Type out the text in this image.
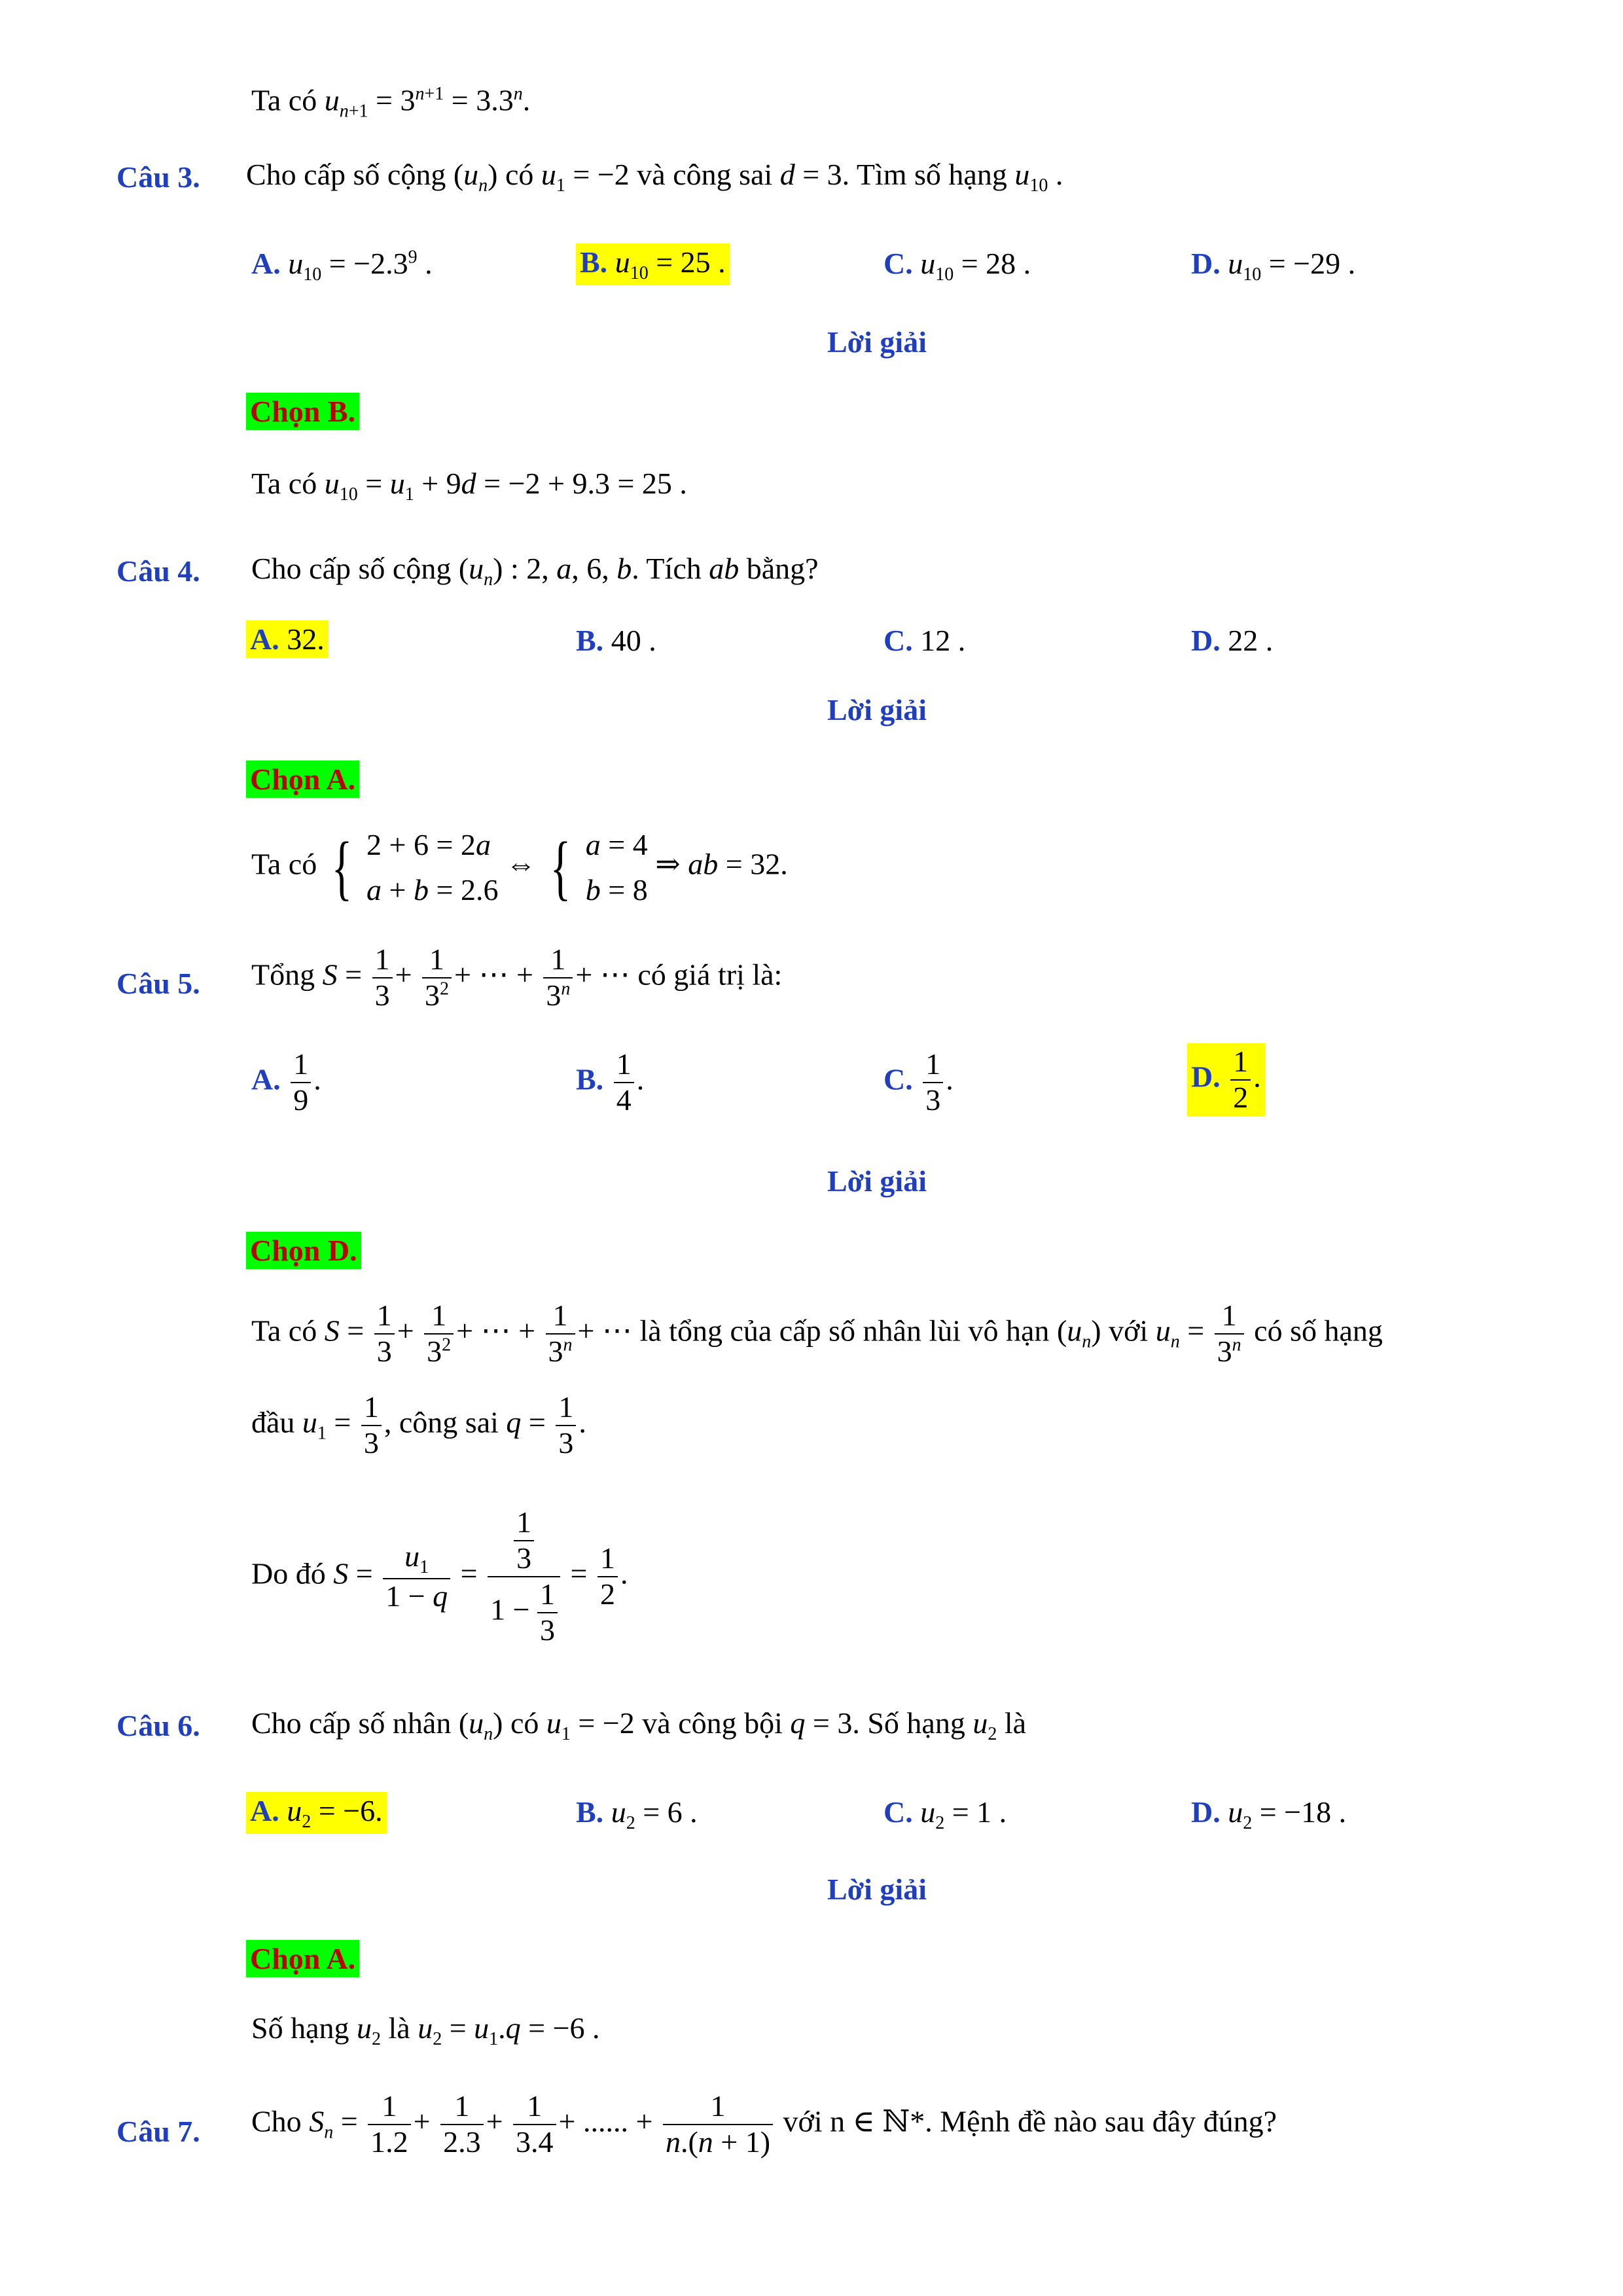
Ta có $u_{n+1} = 3^{n+1} = 3.3^n$.
Câu 3. Cho cấp số cộng $(u_n)$ có $u_1 = -2$ và công sai d = 3. Tìm số hạng $u_{10}$ .
A. $u_{10} = -2.3^9$ .	B. $u_{10} = 25$ .	C. $u_{10} = 28$ .	D. $u_{10} = -29$ .
Lời giải
Chọn B.
Ta có $u_{10} = u_1 + 9d = -2 + 9.3 = 25$ .
Câu 4. Cho cấp số cộng $(u_n)$ : 2, a, 6, b. Tích ab bằng?
A. 32.	B. 40 .	C. 12 .	D. 22 .
Lời giải
Chọn A.
Ta có { 2 + 6 = 2a
a + b = 2.6
⇔ { a = 4
b = 8
⇒ ab = 32.
Câu 5. Tổng $S = \frac{1}{3} + \frac{1}{3^2}$ + ⋯ + $\frac{1}{3^n}$ + ⋯ có giá trị là:
A. $\frac{1}{9}$ .	B. $\frac{1}{4}$ .	C. $\frac{1}{3}$ .	D. $\frac{1}{2}$ .
Lời giải
Chọn D.
Ta có $S = \frac{1}{3} + \frac{1}{3^2}$ + ⋯ + $\frac{1}{3^n}$ + ⋯ là tổng của cấp số nhân lùi vô hạn $(u_n)$ với $u_n = \frac{1}{3^n}$ có số hạng
đầu $u_1 = \frac{1}{3}$ , công sai $q = \frac{1}{3}$ .
Do đó $S = \frac{u_1}{1 - q} = \frac{\frac{1}{3}}{1 - \frac{1}{3}} = \frac{1}{2}$ .
Câu 6. Cho cấp số nhân $(u_n)$ có $u_1 = -2$ và công bội q = 3. Số hạng $u_2$ là
A. $u_2 = -6$.	B. $u_2 = 6$ .	C. $u_2 = 1$ .	D. $u_2 = -18$ .
Lời giải
Chọn A.
Số hạng $u_2$ là $u_2 = u_1.q = -6$ .
Câu 7. Cho $S_n = \frac{1}{1.2} + \frac{1}{2.3} + \frac{1}{3.4}$ + ...... + $\frac{1}{n.(n + 1)}$ với n ∈ ℕ*. Mệnh đề nào sau đây đúng?
